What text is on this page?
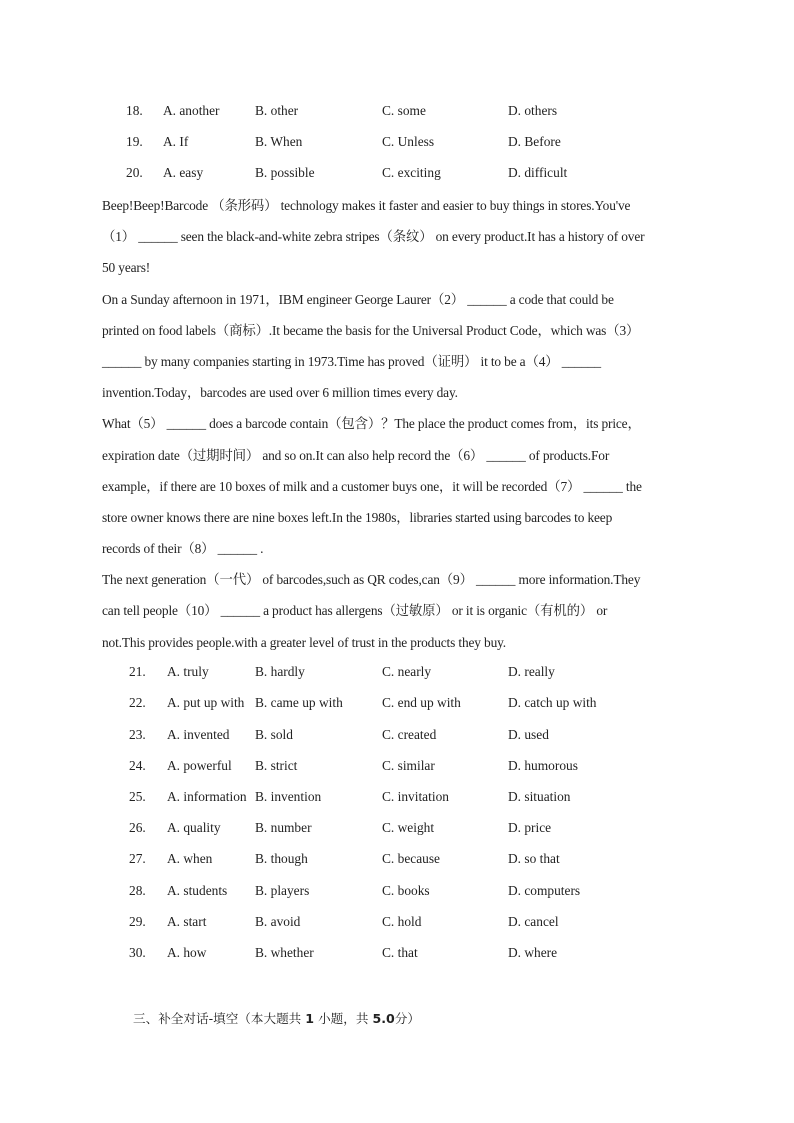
18. A. another	B. other	C. some	D. others
19. A. If	B. When	C. Unless	D. Before
20. A. easy	B. possible	C. exciting	D. difficult
Beep!Beep!Barcode （条形码） technology makes it faster and easier to buy things in stores.You've
（1） ______ seen the black-and-white zebra stripes（条纹） on every product.It has a history of over
50 years!
On a Sunday afternoon in 1971，IBM engineer George Laurer（2） ______ a code that could be
printed on food labels（商标）.It became the basis for the Universal Product Code，which was（3）
______ by many companies starting in 1973.Time has proved（证明） it to be a（4） ______
invention.Today，barcodes are used over 6 million times every day.
What（5） ______ does a barcode contain（包含）？The place the product comes from，its price，
expiration date（过期时间） and so on.It can also help record the（6） ______ of products.For
example，if there are 10 boxes of milk and a customer buys one，it will be recorded（7） ______ the
store owner knows there are nine boxes left.In the 1980s，libraries started using barcodes to keep
records of their（8） ______ .
The next generation（一代） of barcodes,such as QR codes,can（9） ______ more information.They
can tell people（10） ______ a product has allergens（过敏原） or it is organic（有机的） or
not.This provides people.with a greater level of trust in the products they buy.
21. A. truly	B. hardly	C. nearly	D. really
22. A. put up with B. came up with	C. end up with	D. catch up with
23. A. invented B. sold	C. created	D. used
24. A. powerful B. strict	C. similar	D. humorous
25. A. information B. invention	C. invitation	D. situation
26. A. quality	B. number	C. weight	D. price
27. A. when	B. though	C. because	D. so that
28. A. students B. players	C. books	D. computers
29. A. start	B. avoid	C. hold	D. cancel
30. A. how	B. whether	C. that	D. where
三、补全对话-填空（本大题共 1 小题，共 5.0分）
